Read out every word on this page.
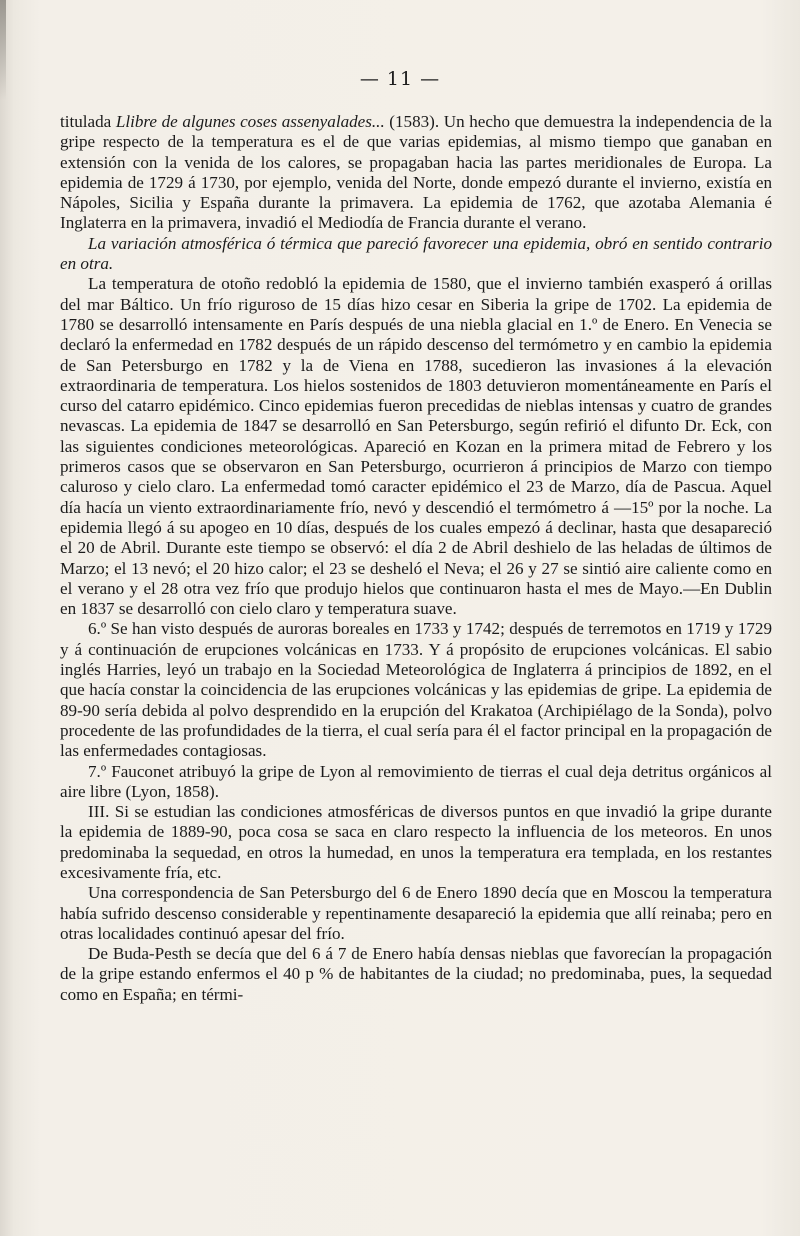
— 11 —

titulada Llibre de algunes coses assenyalades... (1583). Un hecho que demuestra la independencia de la gripe respecto de la temperatura es el de que varias epidemias, al mismo tiempo que ganaban en extensión con la venida de los calores, se propagaban hacia las partes meridionales de Europa. La epidemia de 1729 á 1730, por ejemplo, venida del Norte, donde empezó durante el invierno, existía en Nápoles, Sicilia y España durante la primavera. La epidemia de 1762, que azotaba Alemania é Inglaterra en la primavera, invadió el Mediodía de Francia durante el verano.

La variación atmosférica ó térmica que pareció favorecer una epidemia, obró en sentido contrario en otra.

La temperatura de otoño redobló la epidemia de 1580, que el invierno también exasperó á orillas del mar Báltico. Un frío riguroso de 15 días hizo cesar en Siberia la gripe de 1702. La epidemia de 1780 se desarrolló intensamente en París después de una niebla glacial en 1.º de Enero. En Venecia se declaró la enfermedad en 1782 después de un rápido descenso del termómetro y en cambio la epidemia de San Petersburgo en 1782 y la de Viena en 1788, sucedieron las invasiones á la elevación extraordinaria de temperatura. Los hielos sostenidos de 1803 detuvieron momentáneamente en París el curso del catarro epidémico. Cinco epidemias fueron precedidas de nieblas intensas y cuatro de grandes nevascas. La epidemia de 1847 se desarrolló en San Petersburgo, según refirió el difunto Dr. Eck, con las siguientes condiciones meteorológicas. Apareció en Kozan en la primera mitad de Febrero y los primeros casos que se observaron en San Petersburgo, ocurrieron á principios de Marzo con tiempo caluroso y cielo claro. La enfermedad tomó caracter epidémico el 23 de Marzo, día de Pascua. Aquel día hacía un viento extraordinariamente frío, nevó y descendió el termómetro á —15º por la noche. La epidemia llegó á su apogeo en 10 días, después de los cuales empezó á declinar, hasta que desapareció el 20 de Abril. Durante este tiempo se observó: el día 2 de Abril deshielo de las heladas de últimos de Marzo; el 13 nevó; el 20 hizo calor; el 23 se desheló el Neva; el 26 y 27 se sintió aire caliente como en el verano y el 28 otra vez frío que produjo hielos que continuaron hasta el mes de Mayo.—En Dublin en 1837 se desarrolló con cielo claro y temperatura suave.

6.º Se han visto después de auroras boreales en 1733 y 1742; después de terremotos en 1719 y 1729 y á continuación de erupciones volcánicas en 1733. Y á propósito de erupciones volcánicas. El sabio inglés Harries, leyó un trabajo en la Sociedad Meteorológica de Inglaterra á principios de 1892, en el que hacía constar la coincidencia de las erupciones volcánicas y las epidemias de gripe. La epidemia de 89-90 sería debida al polvo desprendido en la erupción del Krakatoa (Archipiélago de la Sonda), polvo procedente de las profundidades de la tierra, el cual sería para él el factor principal en la propagación de las enfermedades contagiosas.

7.º Fauconet atribuyó la gripe de Lyon al removimiento de tierras el cual deja detritus orgánicos al aire libre (Lyon, 1858).

III. Si se estudian las condiciones atmosféricas de diversos puntos en que invadió la gripe durante la epidemia de 1889-90, poca cosa se saca en claro respecto la influencia de los meteoros. En unos predominaba la sequedad, en otros la humedad, en unos la temperatura era templada, en los restantes excesivamente fría, etc.

Una correspondencia de San Petersburgo del 6 de Enero 1890 decía que en Moscou la temperatura había sufrido descenso considerable y repentinamente desapareció la epidemia que allí reinaba; pero en otras localidades continuó apesar del frío.

De Buda-Pesth se decía que del 6 á 7 de Enero había densas nieblas que favorecían la propagación de la gripe estando enfermos el 40 p % de habitantes de la ciudad; no predominaba, pues, la sequedad como en España; en térmi-
